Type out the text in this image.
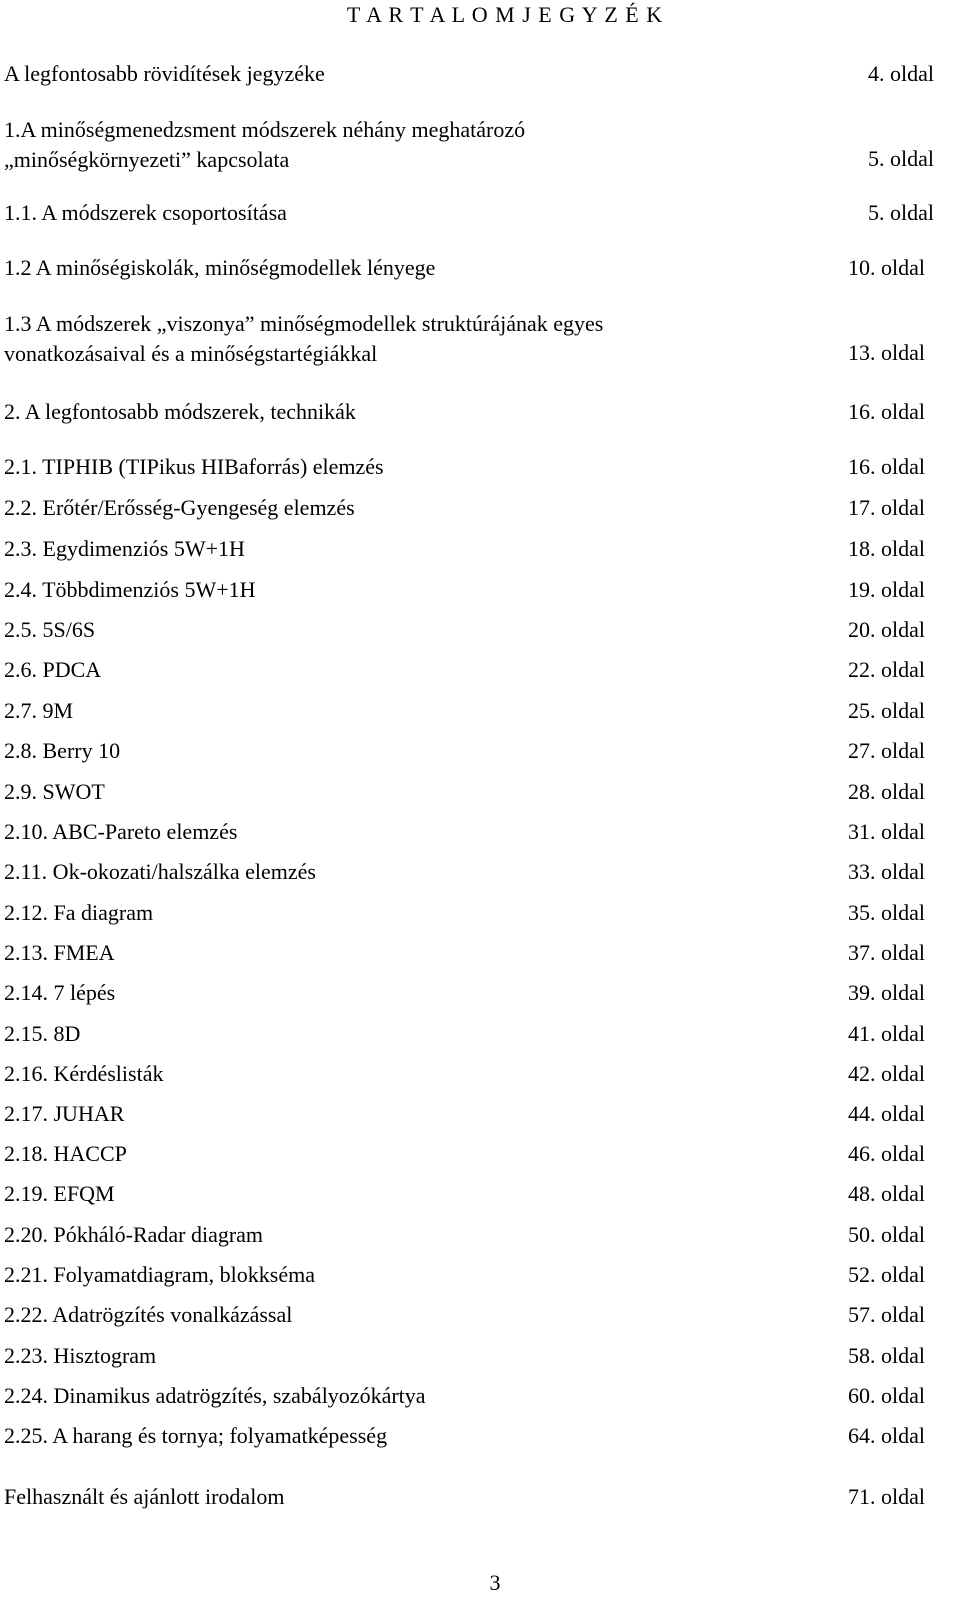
T A R T A L O M J E G Y Z É K
A legfontosabb rövidítések jegyzéke	4. oldal
1.A minőségmenedzsment módszerek néhány meghatározó
„minőségkörnyezeti” kapcsolata	5. oldal
1.1. A módszerek csoportosítása	5. oldal
1.2 A minőségiskolák, minőségmodellek lényege	10. oldal
1.3 A módszerek „viszonya” minőségmodellek struktúrájának egyes
vonatkozásaival és a minőségstartégiákkal	13. oldal
2. A legfontosabb módszerek, technikák	16. oldal
2.1. TIPHIB (TIPikus HIBaforrás) elemzés	16. oldal
2.2. Erőtér/Erősség-Gyengeség elemzés	17. oldal
2.3. Egydimenziós 5W+1H	18. oldal
2.4. Többdimenziós 5W+1H	19. oldal
2.5. 5S/6S	20. oldal
2.6. PDCA	22. oldal
2.7. 9M	25. oldal
2.8. Berry 10	27. oldal
2.9. SWOT	28. oldal
2.10. ABC-Pareto elemzés	31. oldal
2.11. Ok-okozati/halszálka elemzés	33. oldal
2.12. Fa diagram	35. oldal
2.13. FMEA	37. oldal
2.14. 7 lépés	39. oldal
2.15. 8D	41. oldal
2.16. Kérdéslisták	42. oldal
2.17. JUHAR	44. oldal
2.18. HACCP	46. oldal
2.19. EFQM	48. oldal
2.20. Pókháló-Radar diagram	50. oldal
2.21. Folyamatdiagram, blokkséma	52. oldal
2.22. Adatrögzítés vonalkázással	57. oldal
2.23. Hisztogram	58. oldal
2.24. Dinamikus adatrögzítés, szabályozókártya	60. oldal
2.25. A harang és tornya; folyamatképesség	64. oldal
Felhasznált és ajánlott irodalom	71. oldal
3
